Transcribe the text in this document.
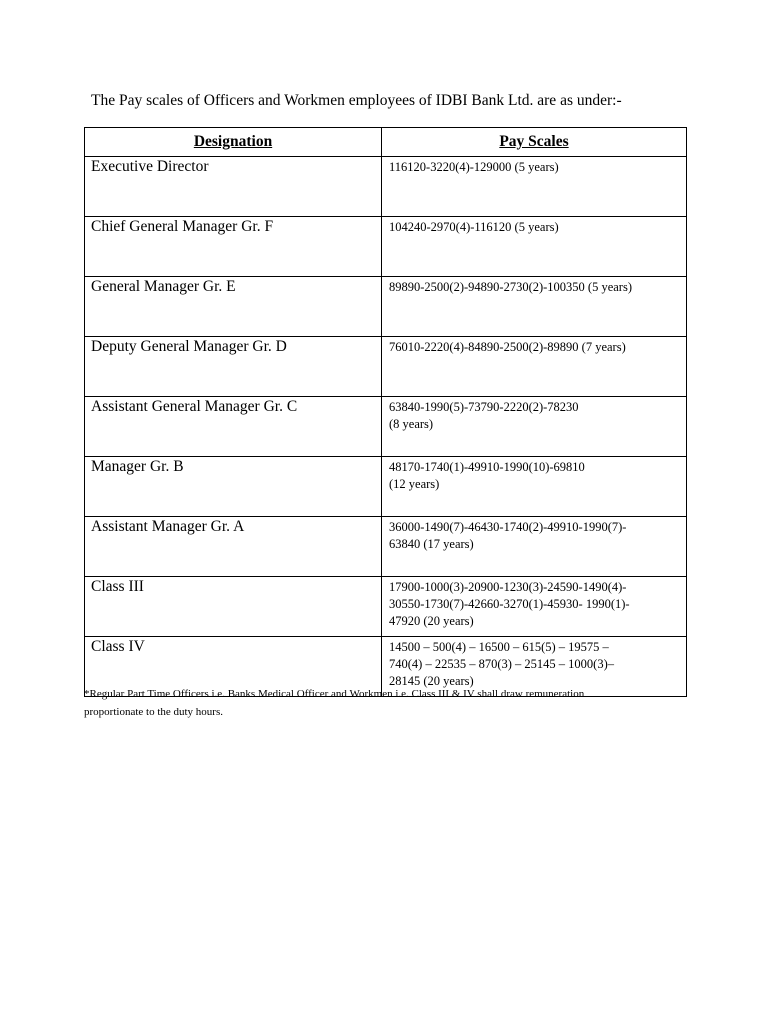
The Pay scales of Officers and Workmen employees of IDBI Bank Ltd. are as under:-
Designation	Pay Scales
Executive Director	116120-3220(4)-129000 (5 years)

Chief General Manager Gr. F	104240-2970(4)-116120 (5 years)

General Manager Gr. E	89890-2500(2)-94890-2730(2)-100350 (5 years)

Deputy General Manager Gr. D	76010-2220(4)-84890-2500(2)-89890 (7 years)

Assistant General Manager Gr. C	63840-1990(5)-73790-2220(2)-78230
(8 years)

Manager Gr. B	48170-1740(1)-49910-1990(10)-69810
(12 years)

Assistant Manager Gr. A	36000-1490(7)-46430-1740(2)-49910-1990(7)-
63840 (17 years)

Class III	17900-1000(3)-20900-1230(3)-24590-1490(4)-
30550-1730(7)-42660-3270(1)-45930- 1990(1)-
47920 (20 years)

Class IV	14500 – 500(4) – 16500 – 615(5) – 19575 –
740(4) – 22535 – 870(3) – 25145 – 1000(3)–
28145 (20 years)
*Regular Part Time Officers i.e. Banks Medical Officer and Workmen i.e. Class III & IV shall draw remuneration
proportionate to the duty hours.
